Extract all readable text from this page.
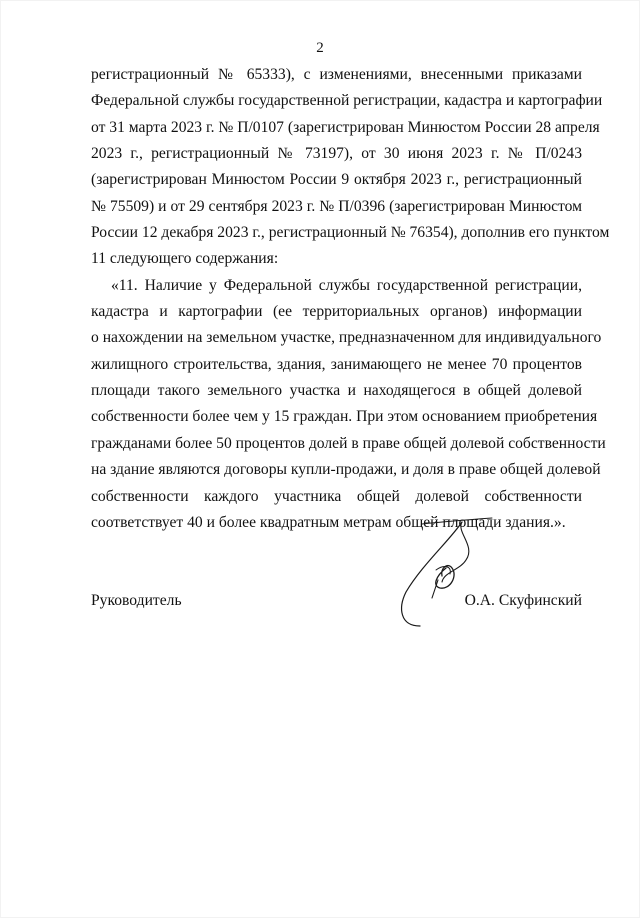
2
регистрационный № 65333), с изменениями, внесенными приказами
Федеральной службы государственной регистрации, кадастра и картографии
от 31 марта 2023 г. № П/0107 (зарегистрирован Минюстом России 28 апреля
2023 г., регистрационный № 73197), от 30 июня 2023 г. № П/0243
(зарегистрирован Минюстом России 9 октября 2023 г., регистрационный
№ 75509) и от 29 сентября 2023 г. № П/0396 (зарегистрирован Минюстом
России 12 декабря 2023 г., регистрационный № 76354), дополнив его пунктом
11 следующего содержания:
«11. Наличие у Федеральной службы государственной регистрации,
кадастра и картографии (ее территориальных органов) информации
о нахождении на земельном участке, предназначенном для индивидуального
жилищного строительства, здания, занимающего не менее 70 процентов
площади такого земельного участка и находящегося в общей долевой
собственности более чем у 15 граждан. При этом основанием приобретения
гражданами более 50 процентов долей в праве общей долевой собственности
на здание являются договоры купли-продажи, и доля в праве общей долевой
собственности каждого участника общей долевой собственности
соответствует 40 и более квадратным метрам общей площади здания.».
Руководитель	О.А. Скуфинский
